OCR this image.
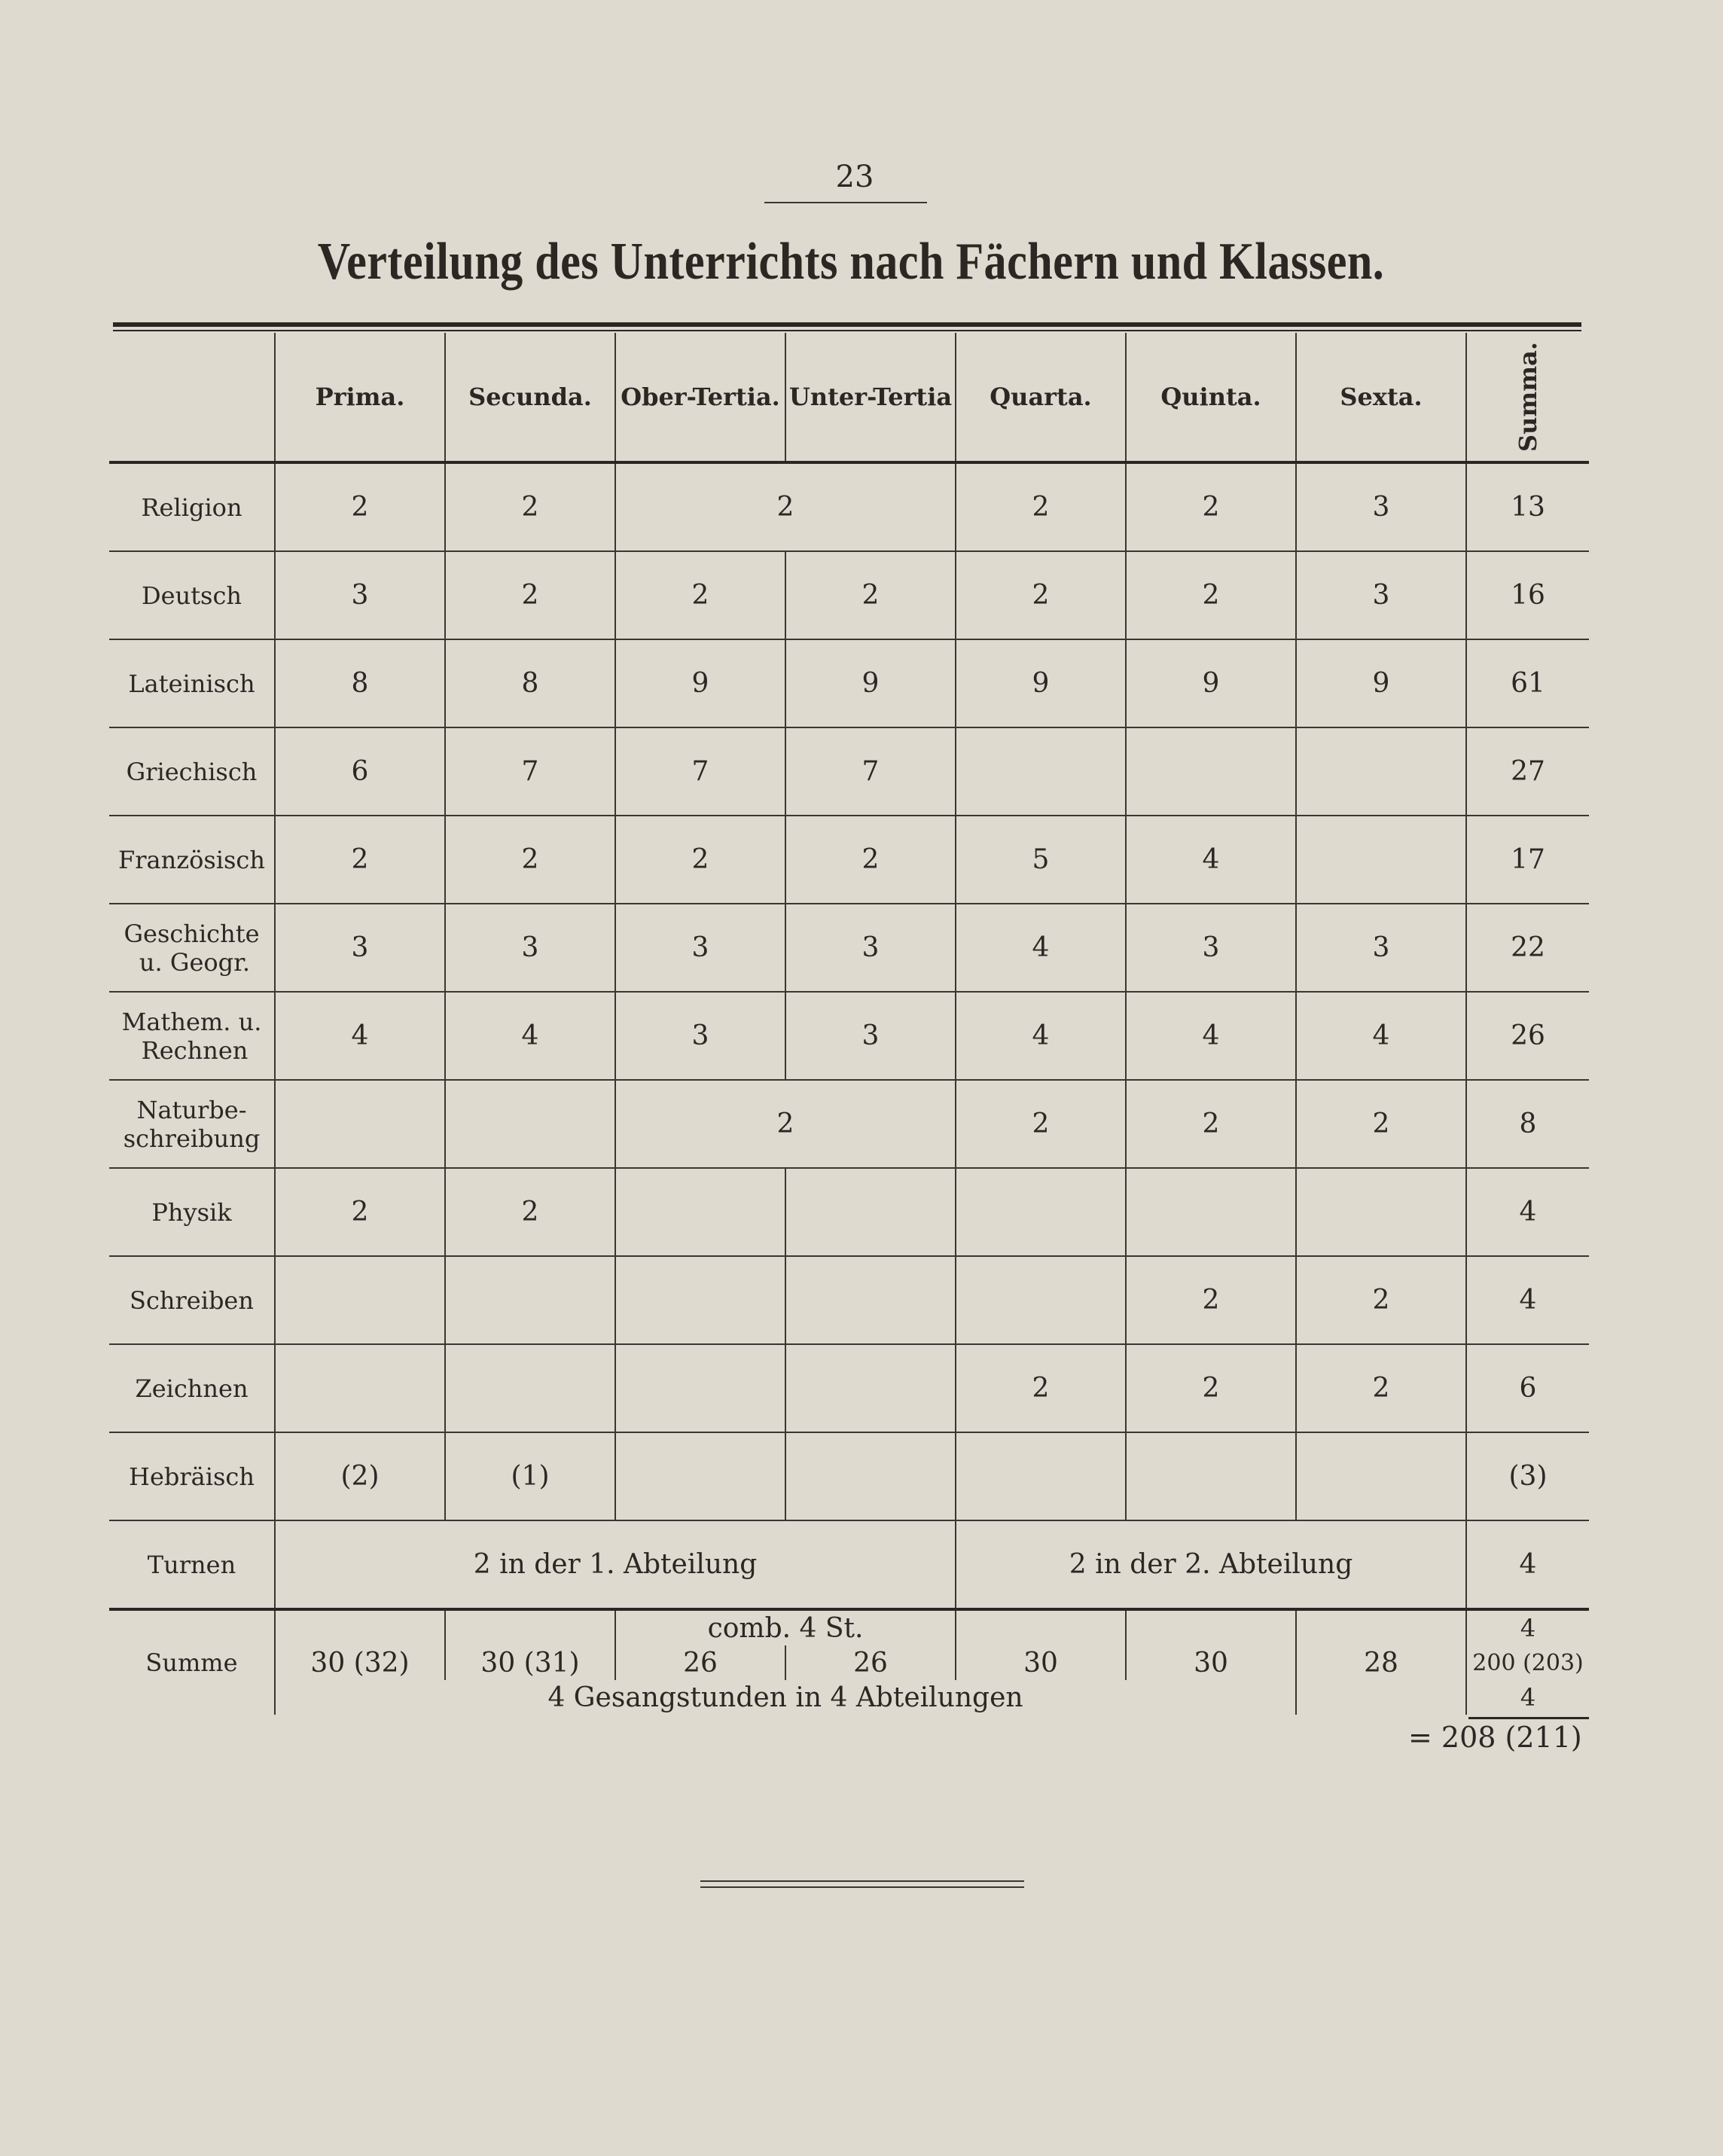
23
Verteilung des Unterrichts nach Fächern und Klassen.
	Prima.	Secunda.	Ober-Tertia.	Unter-Tertia	Quarta.	Quinta.	Sexta.	Summa.
Religion	2	2	2		2	2	3	13
Deutsch	3	2	2	2	2	2	3	16
Lateinisch	8	8	9	9	9	9	9	61
Griechisch	6	7	7	7				27
Französisch	2	2	2	2	5	4		17

Geschichte
u. Geogr.	3	3	3	3	4	3	3	22

Mathem. u.
Rechnen	4	4	3	3	4	4	4	26

Naturbe-
schreibung			2		2	2	2	8
Physik	2	2						4
Schreiben						2	2	4
Zeichnen					2	2	2	6
Hebräisch	(2)	(1)						(3)
Turnen	2 in der 1. Abteilung				2 in der 2. Abteilung			4
			comb. 4 St.					4
Summe	30 (32)	30 (31)	26	26	30	30	28	200 (203)
	4 Gesangstunden in 4 Abteilungen							4
= 208 (211)
